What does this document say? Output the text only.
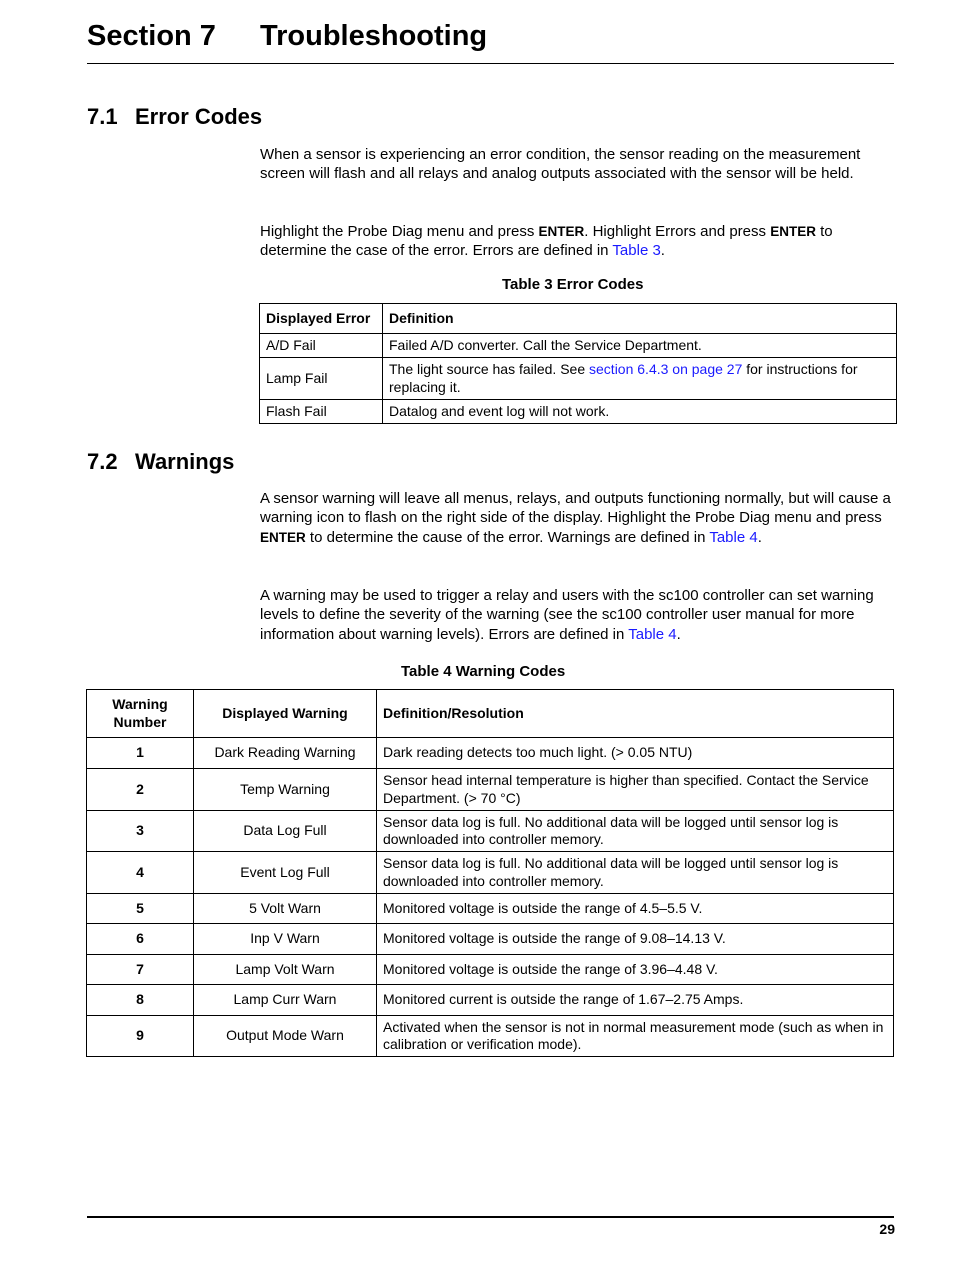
Section 7 Troubleshooting
7.1 Error Codes

When a sensor is experiencing an error condition, the sensor reading on the measurement screen will flash and all relays and analog outputs associated with the sensor will be held.

Highlight the Probe Diag menu and press ENTER. Highlight Errors and press ENTER to determine the case of the error. Errors are defined in Table 3.

Table 3 Error Codes

Displayed Error	Definition
A/D Fail	Failed A/D converter. Call the Service Department.
Lamp Fail	The light source has failed. See section 6.4.3 on page 27 for instructions for replacing it.
Flash Fail	Datalog and event log will not work.
7.2 Warnings

A sensor warning will leave all menus, relays, and outputs functioning normally, but will cause a warning icon to flash on the right side of the display. Highlight the Probe Diag menu and press ENTER to determine the cause of the error. Warnings are defined in Table 4.

A warning may be used to trigger a relay and users with the sc100 controller can set warning levels to define the severity of the warning (see the sc100 controller user manual for more information about warning levels). Errors are defined in Table 4.

Table 4 Warning Codes

Warning Number	Displayed Warning	Definition/Resolution
1	Dark Reading Warning	Dark reading detects too much light. (> 0.05 NTU)
2	Temp Warning	Sensor head internal temperature is higher than specified. Contact the Service Department. (> 70 °C)
3	Data Log Full	Sensor data log is full. No additional data will be logged until sensor log is downloaded into controller memory.
4	Event Log Full	Sensor data log is full. No additional data will be logged until sensor log is downloaded into controller memory.
5	5 Volt Warn	Monitored voltage is outside the range of 4.5–5.5 V.
6	Inp V Warn	Monitored voltage is outside the range of 9.08–14.13 V.
7	Lamp Volt Warn	Monitored voltage is outside the range of 3.96–4.48 V.
8	Lamp Curr Warn	Monitored current is outside the range of 1.67–2.75 Amps.
9	Output Mode Warn	Activated when the sensor is not in normal measurement mode (such as when in calibration or verification mode).
29
